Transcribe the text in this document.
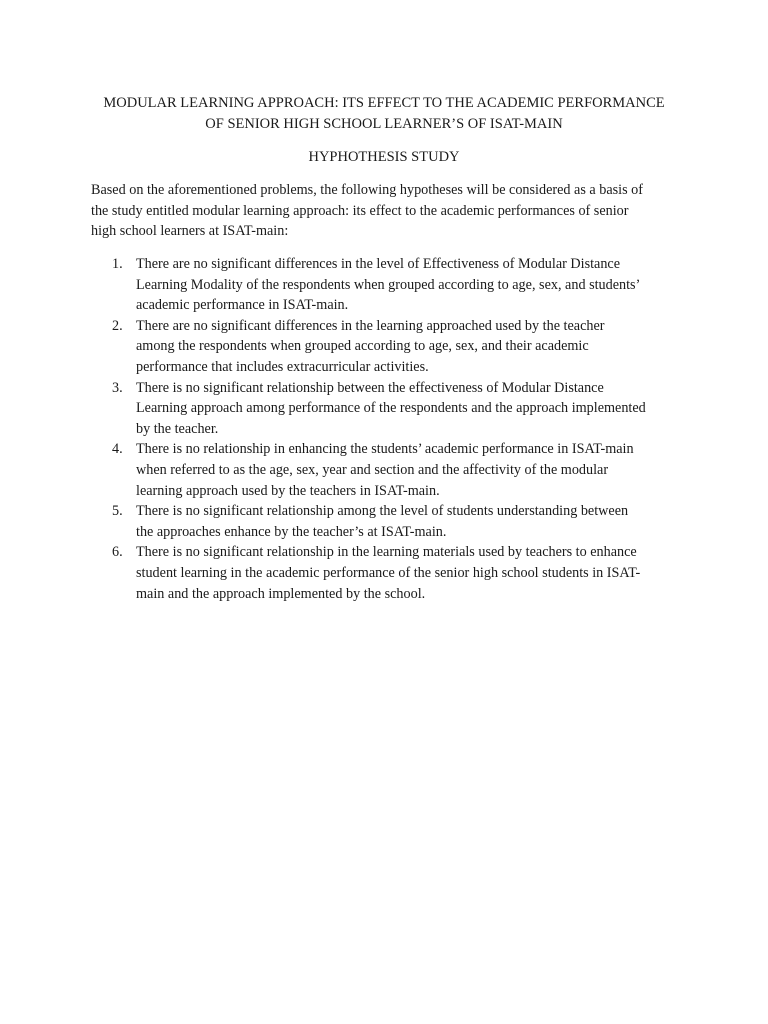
MODULAR LEARNING APPROACH: ITS EFFECT TO THE ACADEMIC PERFORMANCE
OF SENIOR HIGH SCHOOL LEARNER’S OF ISAT-MAIN
HYPHOTHESIS STUDY

Based on the aforementioned problems, the following hypotheses will be considered as a basis of
the study entitled modular learning approach: its effect to the academic performances of senior
high school learners at ISAT-main:

1. There are no significant differences in the level of Effectiveness of Modular Distance
Learning Modality of the respondents when grouped according to age, sex, and students’
academic performance in ISAT-main.
2. There are no significant differences in the learning approached used by the teacher
among the respondents when grouped according to age, sex, and their academic
performance that includes extracurricular activities.
3. There is no significant relationship between the effectiveness of Modular Distance
Learning approach among performance of the respondents and the approach implemented
by the teacher.
4. There is no relationship in enhancing the students’ academic performance in ISAT-main
when referred to as the age, sex, year and section and the affectivity of the modular
learning approach used by the teachers in ISAT-main.
5. There is no significant relationship among the level of students understanding between
the approaches enhance by the teacher’s at ISAT-main.
6. There is no significant relationship in the learning materials used by teachers to enhance
student learning in the academic performance of the senior high school students in ISAT-
main and the approach implemented by the school.
